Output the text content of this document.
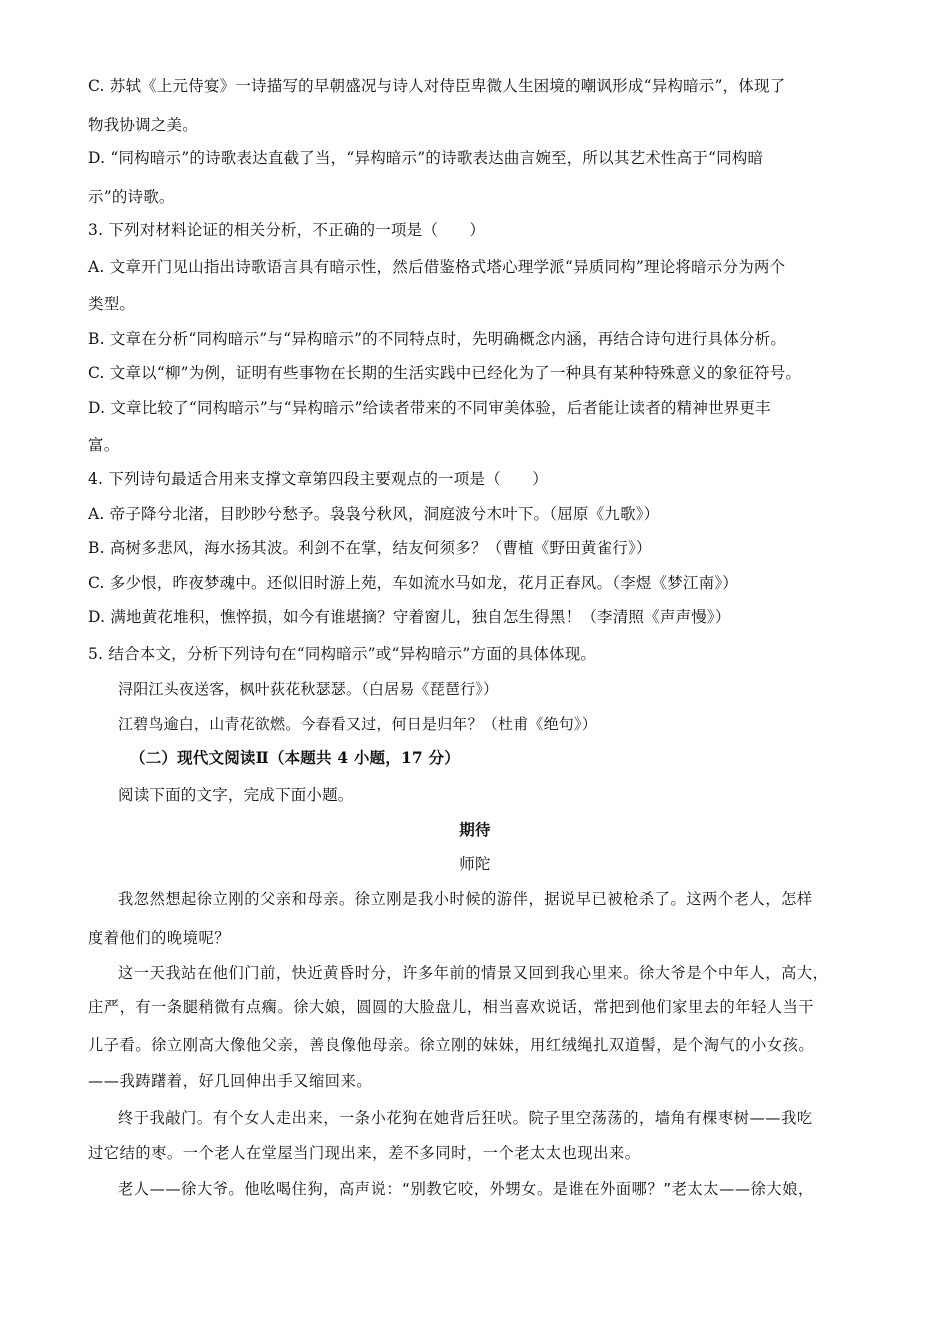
C. 苏轼《上元侍宴》一诗描写的早朝盛况与诗人对侍臣卑微人生困境的嘲讽形成“异构暗示”，体现了
物我协调之美。
D. “同构暗示”的诗歌表达直截了当，“异构暗示”的诗歌表达曲言婉至，所以其艺术性高于“同构暗
示”的诗歌。
3. 下列对材料论证的相关分析，不正确的一项是（　　）
A. 文章开门见山指出诗歌语言具有暗示性，然后借鉴格式塔心理学派“异质同构”理论将暗示分为两个
类型。
B. 文章在分析“同构暗示”与“异构暗示”的不同特点时，先明确概念内涵，再结合诗句进行具体分析。
C. 文章以“柳”为例，证明有些事物在长期的生活实践中已经化为了一种具有某种特殊意义的象征符号。
D. 文章比较了“同构暗示”与“异构暗示”给读者带来的不同审美体验，后者能让读者的精神世界更丰
富。
4. 下列诗句最适合用来支撑文章第四段主要观点的一项是（　　）
A. 帝子降兮北渚，目眇眇兮愁予。袅袅兮秋风，洞庭波兮木叶下。（屈原《九歌》）
B. 高树多悲风，海水扬其波。利剑不在掌，结友何须多？（曹植《野田黄雀行》）
C. 多少恨，昨夜梦魂中。还似旧时游上苑，车如流水马如龙，花月正春风。（李煜《梦江南》）
D. 满地黄花堆积，憔悴损，如今有谁堪摘？守着窗儿，独自怎生得黑！（李清照《声声慢》）
5. 结合本文，分析下列诗句在“同构暗示”或“异构暗示”方面的具体体现。
浔阳江头夜送客，枫叶荻花秋瑟瑟。（白居易《琵琶行》）
江碧鸟逾白，山青花欲燃。今春看又过，何日是归年？（杜甫《绝句》）
（二）现代文阅读Ⅱ（本题共 4 小题，17 分）
阅读下面的文字，完成下面小题。
期待
师陀
我忽然想起徐立刚的父亲和母亲。徐立刚是我小时候的游伴，据说早已被枪杀了。这两个老人，怎样
度着他们的晚境呢？
这一天我站在他们门前，快近黄昏时分，许多年前的情景又回到我心里来。徐大爷是个中年人，高大，
庄严，有一条腿稍微有点瘸。徐大娘，圆圆的大脸盘儿，相当喜欢说话，常把到他们家里去的年轻人当干
儿子看。徐立刚高大像他父亲，善良像他母亲。徐立刚的妹妹，用红绒绳扎双道髻，是个淘气的小女孩。
——我踌躇着，好几回伸出手又缩回来。
终于我敲门。有个女人走出来，一条小花狗在她背后狂吠。院子里空荡荡的，墙角有棵枣树——我吃
过它结的枣。一个老人在堂屋当门现出来，差不多同时，一个老太太也现出来。
老人——徐大爷。他吆喝住狗，高声说：“别教它咬，外甥女。是谁在外面哪？”老太太——徐大娘，
